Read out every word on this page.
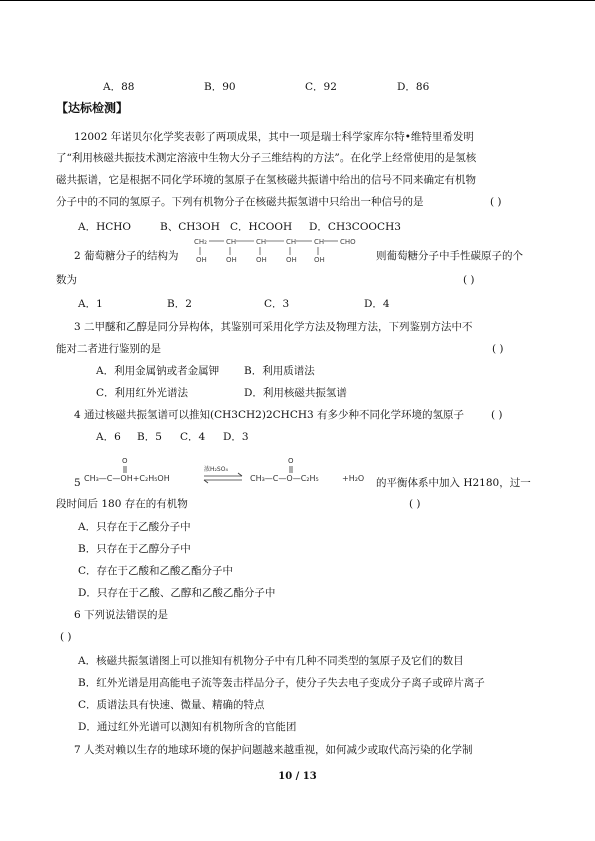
A．88	B．90	C．92	D．86
【达标检测】
12002 年诺贝尔化学奖表彰了两项成果，其中一项是瑞士科学家库尔特•维特里希发明
了“利用核磁共振技术测定溶液中生物大分子三维结构的方法”。在化学上经常使用的是氢核
磁共振谱，它是根据不同化学环境的氢原子在氢核磁共振谱中给出的信号不同来确定有机物
分子中的不同的氢原子。下列有机物分子在核磁共振氢谱中只给出一种信号的是	( )
A．HCHO	B、CH3OH C．HCOOH D．CH3COOCH3
2 葡萄糖分子的结构为
CH₂	CH	CH	CH	CH CHO
OH	OH	OH	OH OH	则葡萄糖分子中手性碳原子的个
数为	( )
A．1	B．2	C．3	D．4
3 二甲醚和乙醇是同分异构体，其鉴别可采用化学方法及物理方法，下列鉴别方法中不
能对二者进行鉴别的是	( )
A．利用金属钠或者金属钾 B．利用质谱法
C．利用红外光谱法	D．利用核磁共振氢谱
4 通过核磁共振氢谱可以推知(CH3CH2)2CHCH3 有多少种不同化学环境的氢原子	( )
A．6 B．5 C．4 D．3
5 CH₃—C—OH+C₂H₅OH	CH₃—C—O—C₂H₅	+H₂O
浓H₂SO₄
O	O
的平衡体系中加入 H2180，过一
段时间后 180 存在的有机物	( )
A．只存在于乙酸分子中
B．只存在于乙醇分子中
C．存在于乙酸和乙酸乙酯分子中
D．只存在于乙酸、乙醇和乙酸乙酯分子中
6 下列说法错误的是
( )
A．核磁共振氢谱图上可以推知有机物分子中有几种不同类型的氢原子及它们的数目
B．红外光谱是用高能电子流等轰击样品分子，使分子失去电子变成分子离子或碎片离子
C．质谱法具有快速、微量、精确的特点
D．通过红外光谱可以测知有机物所含的官能团
7 人类对赖以生存的地球环境的保护问题越来越重视，如何减少或取代高污染的化学制
10 / 13
